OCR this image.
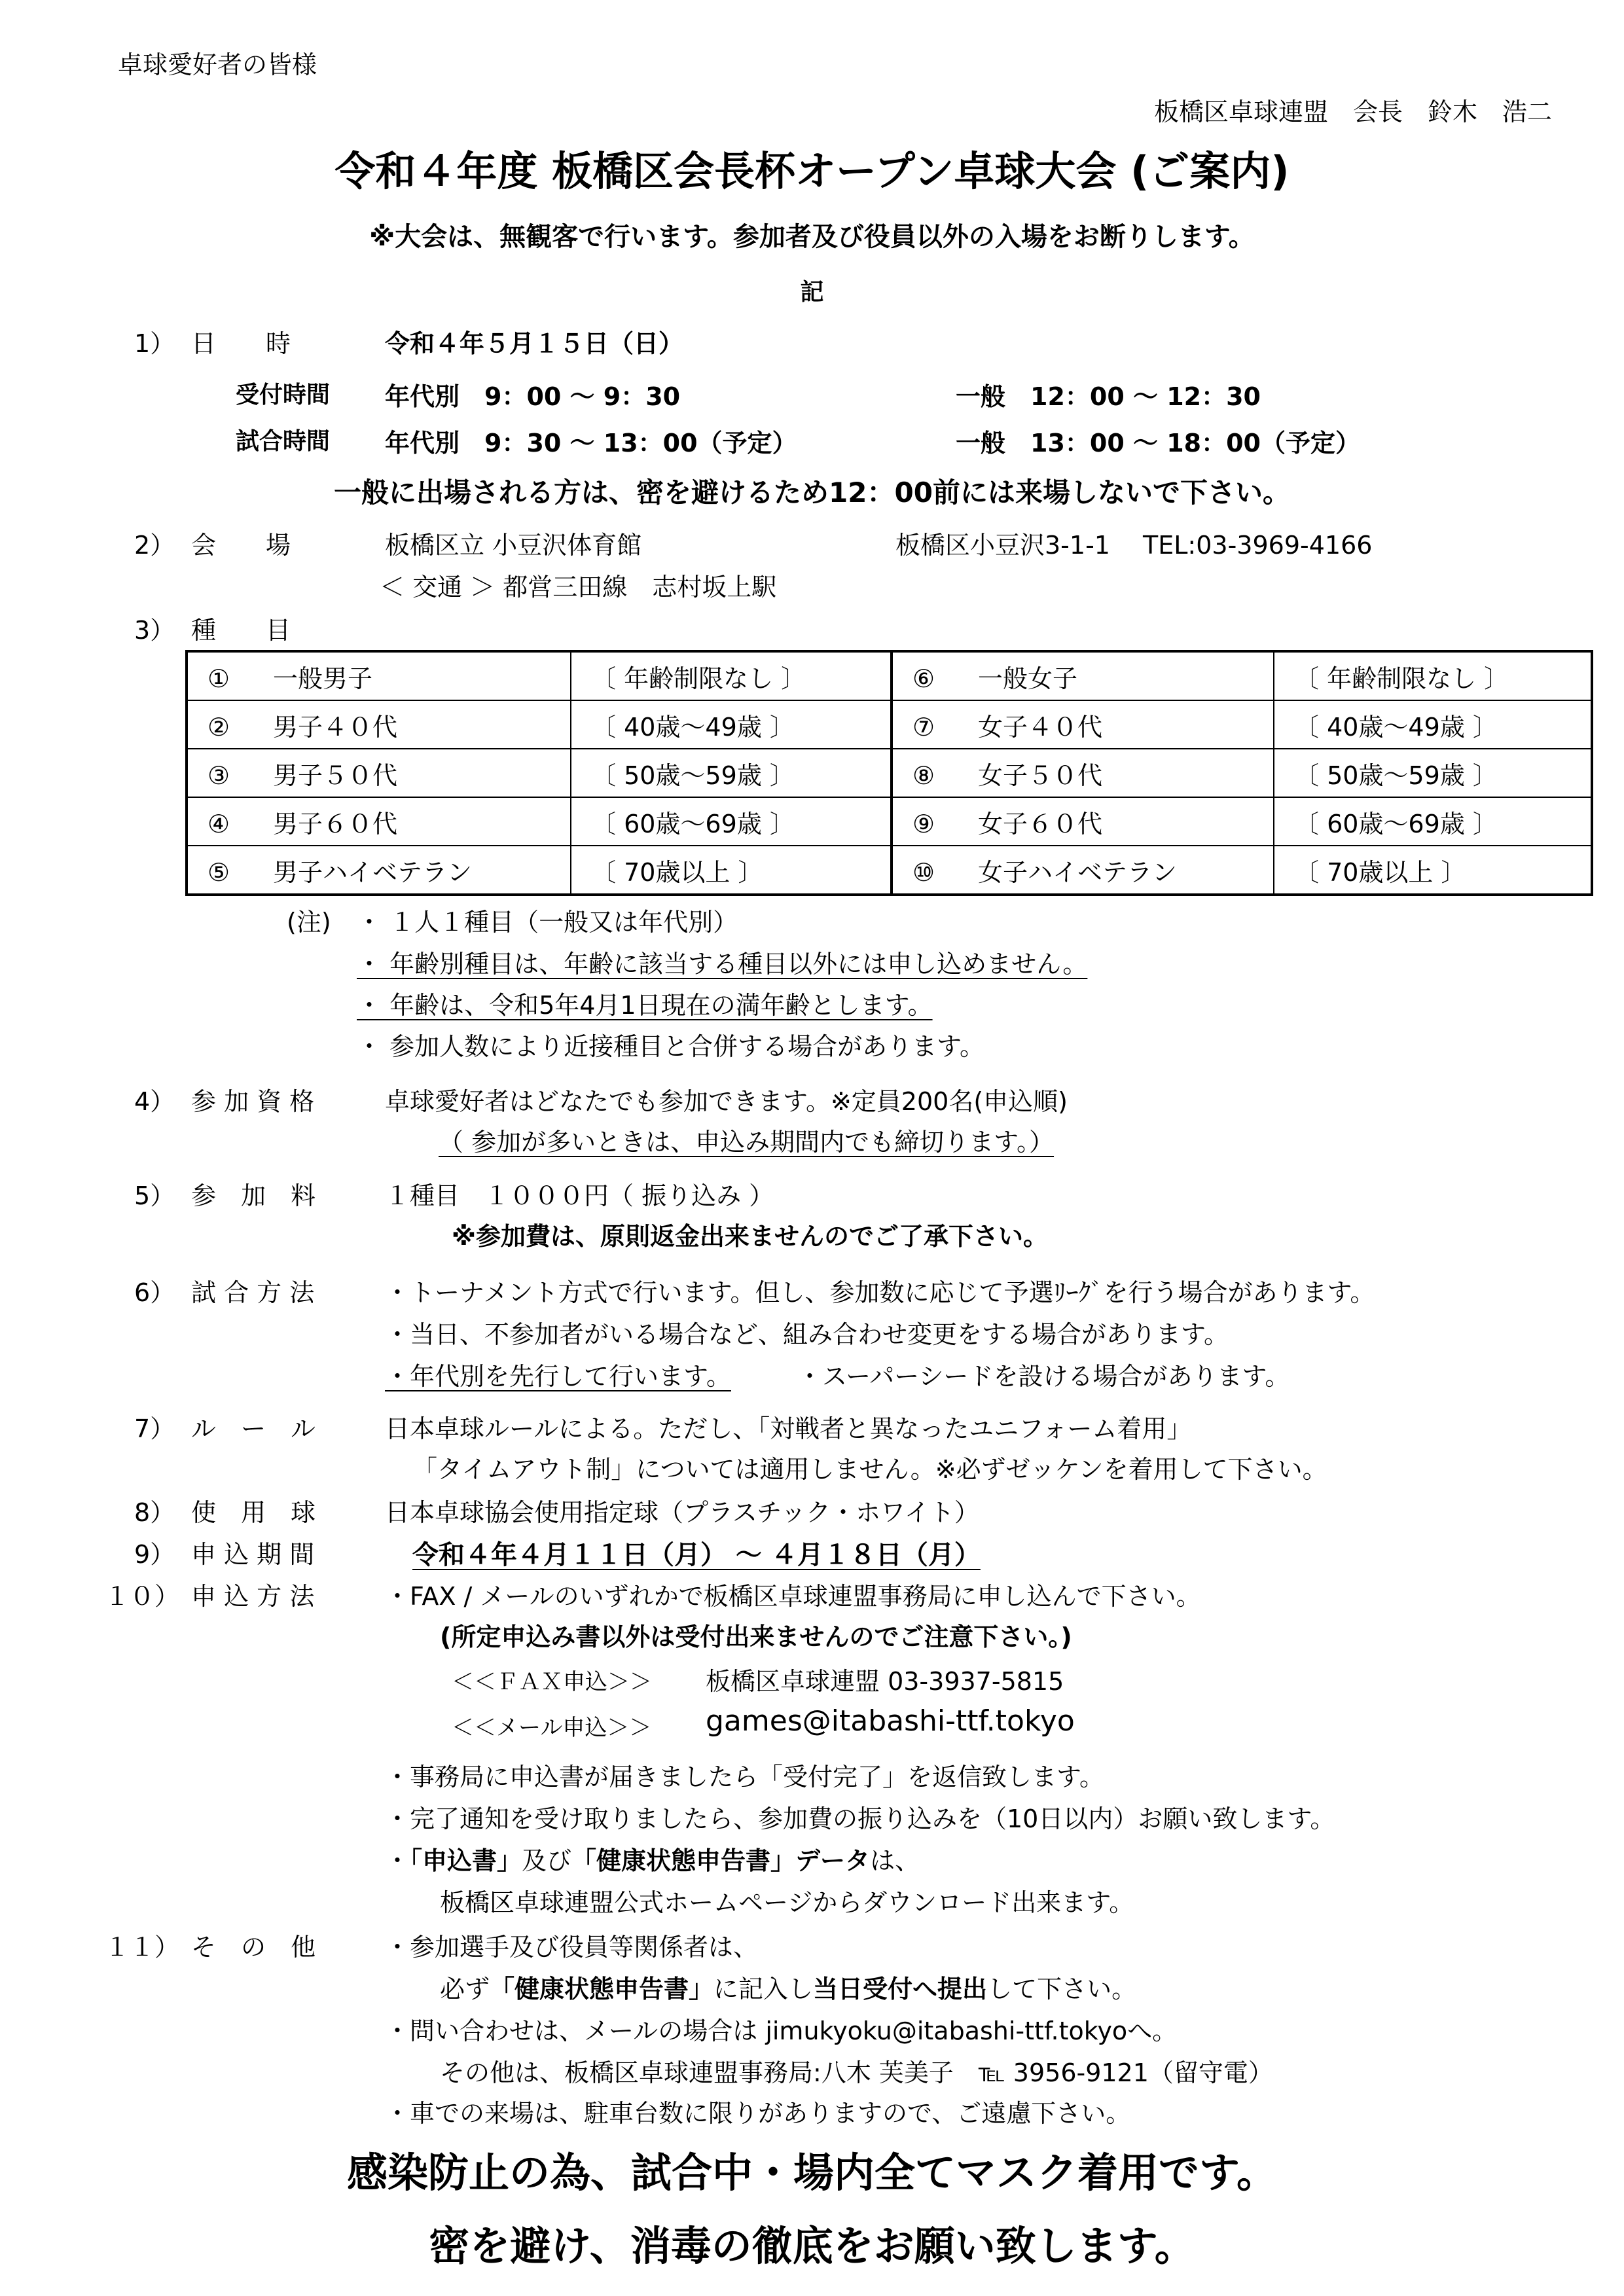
卓球愛好者の皆様
板橋区卓球連盟　会長　鈴木　浩二
令和４年度 板橋区会長杯オープン卓球大会 (ご案内)
※大会は、無観客で行います。参加者及び役員以外の入場をお断りします。
記
1） 日　　時	令和４年５月１５日（日）
受付時間 年代別　9：00 ～ 9：30	一般　12：00 ～ 12：30
試合時間 年代別　9：30 ～ 13：00（予定）	一般　13：00 ～ 18：00（予定）
一般に出場される方は、密を避けるため12：00前には来場しないで下さい。
2） 会　　場	板橋区立 小豆沢体育館	板橋区小豆沢3-1-1　 TEL:03-3969-4166
＜ 交通 ＞ 都営三田線　志村坂上駅
3） 種　　目
① 一般男子	〔 年齢制限なし 〕	⑥ 一般女子	〔 年齢制限なし 〕
② 男子４０代	〔 40歳～49歳 〕	⑦ 女子４０代	〔 40歳～49歳 〕
③ 男子５０代	〔 50歳～59歳 〕	⑧ 女子５０代	〔 50歳～59歳 〕
④ 男子６０代	〔 60歳～69歳 〕	⑨ 女子６０代	〔 60歳～69歳 〕
⑤ 男子ハイベテラン	〔 70歳以上 〕	⑩ 女子ハイベテラン	〔 70歳以上 〕
(注) ・ １人１種目（一般又は年代別）
・ 年齢別種目は、年齢に該当する種目以外には申し込めません。
・ 年齢は、令和5年4月1日現在の満年齢とします。
・ 参加人数により近接種目と合併する場合があります。
4） 参 加 資 格	卓球愛好者はどなたでも参加できます。※定員200名(申込順)
（ 参加が多いときは、申込み期間内でも締切ります。）
5） 参　加　料	１種目　１０００円（ 振り込み ）
※参加費は、原則返金出来ませんのでご了承下さい。
6） 試 合 方 法	・トーナメント方式で行います。但し、参加数に応じて予選ﾘｰｸﾞを行う場合があります。
・当日、不参加者がいる場合など、組み合わせ変更をする場合があります。
・年代別を先行して行います。	・スーパーシードを設ける場合があります。
7） ル　ー　ル	日本卓球ルールによる。ただし、「対戦者と異なったユニフォーム着用」
「タイムアウト制」については適用しません。※必ずゼッケンを着用して下さい。
8） 使　用　球	日本卓球協会使用指定球（プラスチック・ホワイト）
9） 申 込 期 間	令和４年４月１１日（月） ～ ４月１８日（月）
１０） 申 込 方 法	・FAX / メールのいずれかで板橋区卓球連盟事務局に申し込んで下さい。
(所定申込み書以外は受付出来ませんのでご注意下さい。)
＜＜ＦＡＸ申込＞＞ 板橋区卓球連盟 03-3937-5815
＜＜メール申込＞＞ games@itabashi-ttf.tokyo
・事務局に申込書が届きましたら「受付完了」を返信致します。
・完了通知を受け取りましたら、参加費の振り込みを（10日以内）お願い致します。
・「申込書」及び「健康状態申告書」データは、
板橋区卓球連盟公式ホームページからダウンロード出来ます。
１１） そ　の　他	・参加選手及び役員等関係者は、
必ず「健康状態申告書」に記入し当日受付へ提出して下さい。
・問い合わせは、メールの場合は jimukyoku@itabashi-ttf.tokyoへ。
その他は、板橋区卓球連盟事務局:八木 芙美子　℡ 3956-9121（留守電）
・車での来場は、駐車台数に限りがありますので、ご遠慮下さい。
感染防止の為、試合中・場内全てマスク着用です。
密を避け、消毒の徹底をお願い致します。
